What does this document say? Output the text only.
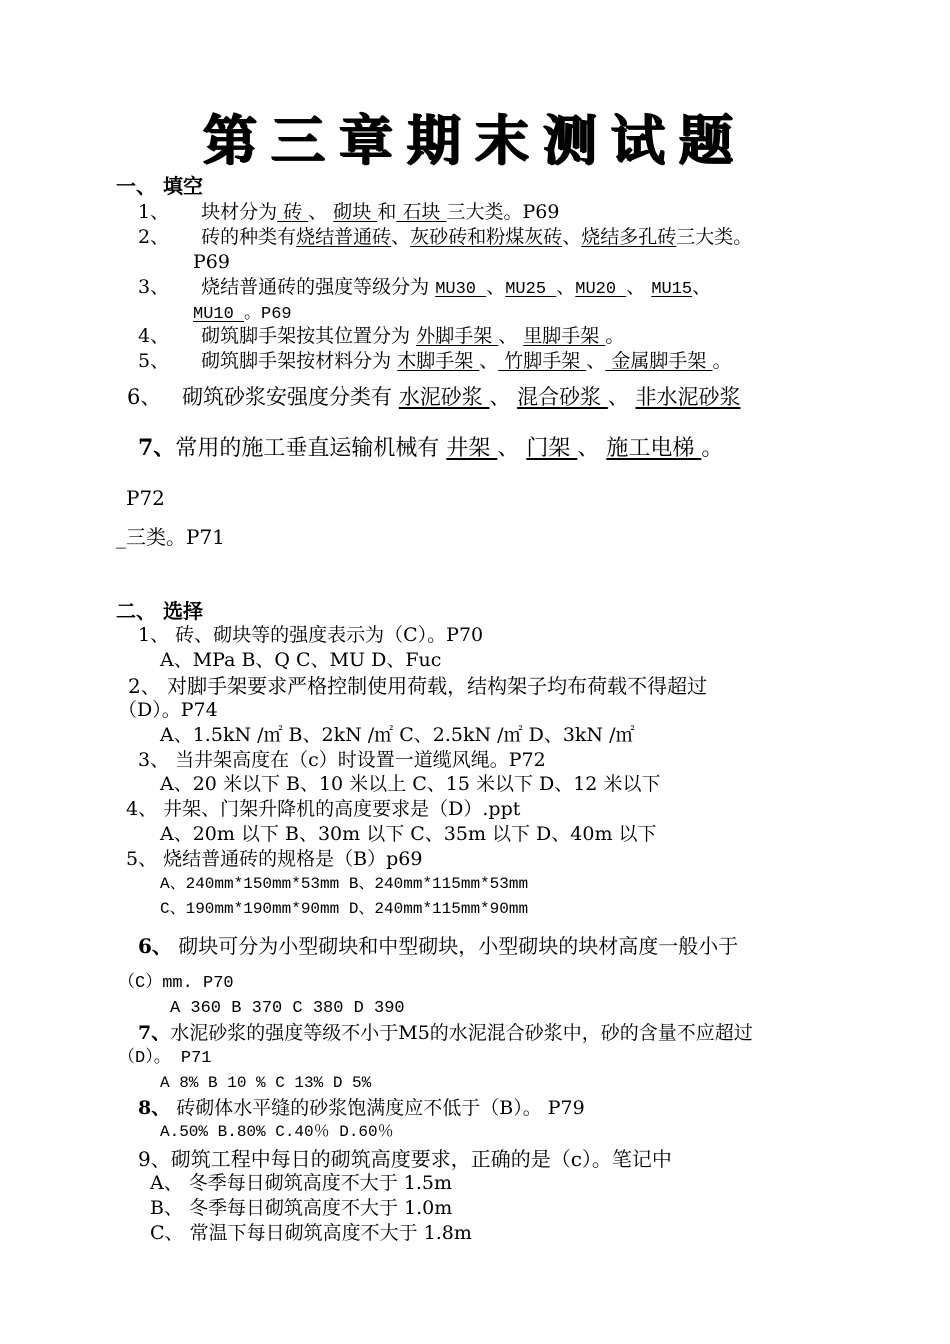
第三章期末测试题
一、 填空
1、 块材分为 砖 、 砌块 和 石块 三大类。P69
2、 砖的种类有烧结普通砖、灰砂砖和粉煤灰砖、烧结多孔砖三大类。
P69
3、 烧结普通砖的强度等级分为 MU30 、MU25 、MU20 、 MU15、
MU10 。P69
4、 砌筑脚手架按其位置分为 外脚手架 、 里脚手架 。
5、 砌筑脚手架按材料分为 木脚手架 、 竹脚手架 、 金属脚手架 。
6、 砌筑砂浆安强度分类有 水泥砂浆 、 混合砂浆 、 非水泥砂浆
7、常用的施工垂直运输机械有 井架 、 门架 、 施工电梯 。
P72
_三类。P71
二、 选择
1、 砖、砌块等的强度表示为（C）。P70
A、MPa B、Q C、MU D、Fuc
2、 对脚手架要求严格控制使用荷载，结构架子均布荷载不得超过
（D）。P74
A、1.5kN /㎡ B、2kN /㎡ C、2.5kN /㎡ D、3kN /㎡
3、 当井架高度在（c）时设置一道缆风绳。P72
A、20 米以下 B、10 米以上 C、15 米以下 D、12 米以下
4、 井架、门架升降机的高度要求是（D）.ppt
A、20m 以下 B、30m 以下 C、35m 以下 D、40m 以下
5、 烧结普通砖的规格是（B）p69
A、240mm*150mm*53mm B、240mm*115mm*53mm
C、190mm*190mm*90mm D、240mm*115mm*90mm
6、 砌块可分为小型砌块和中型砌块，小型砌块的块材高度一般小于
（C）mm. P70
A 360 B 370 C 380 D 390
7、水泥砂浆的强度等级不小于M5的水泥混合砂浆中，砂的含量不应超过
（D）。 P71
A 8% B 10 % C 13% D 5%
8、 砖砌体水平缝的砂浆饱满度应不低于（B）。 P79
A.50% B.80% C.40％ D.60％
9、砌筑工程中每日的砌筑高度要求，正确的是（c）。笔记中
A、 冬季每日砌筑高度不大于 1.5m
B、 冬季每日砌筑高度不大于 1.0m
C、 常温下每日砌筑高度不大于 1.8m
